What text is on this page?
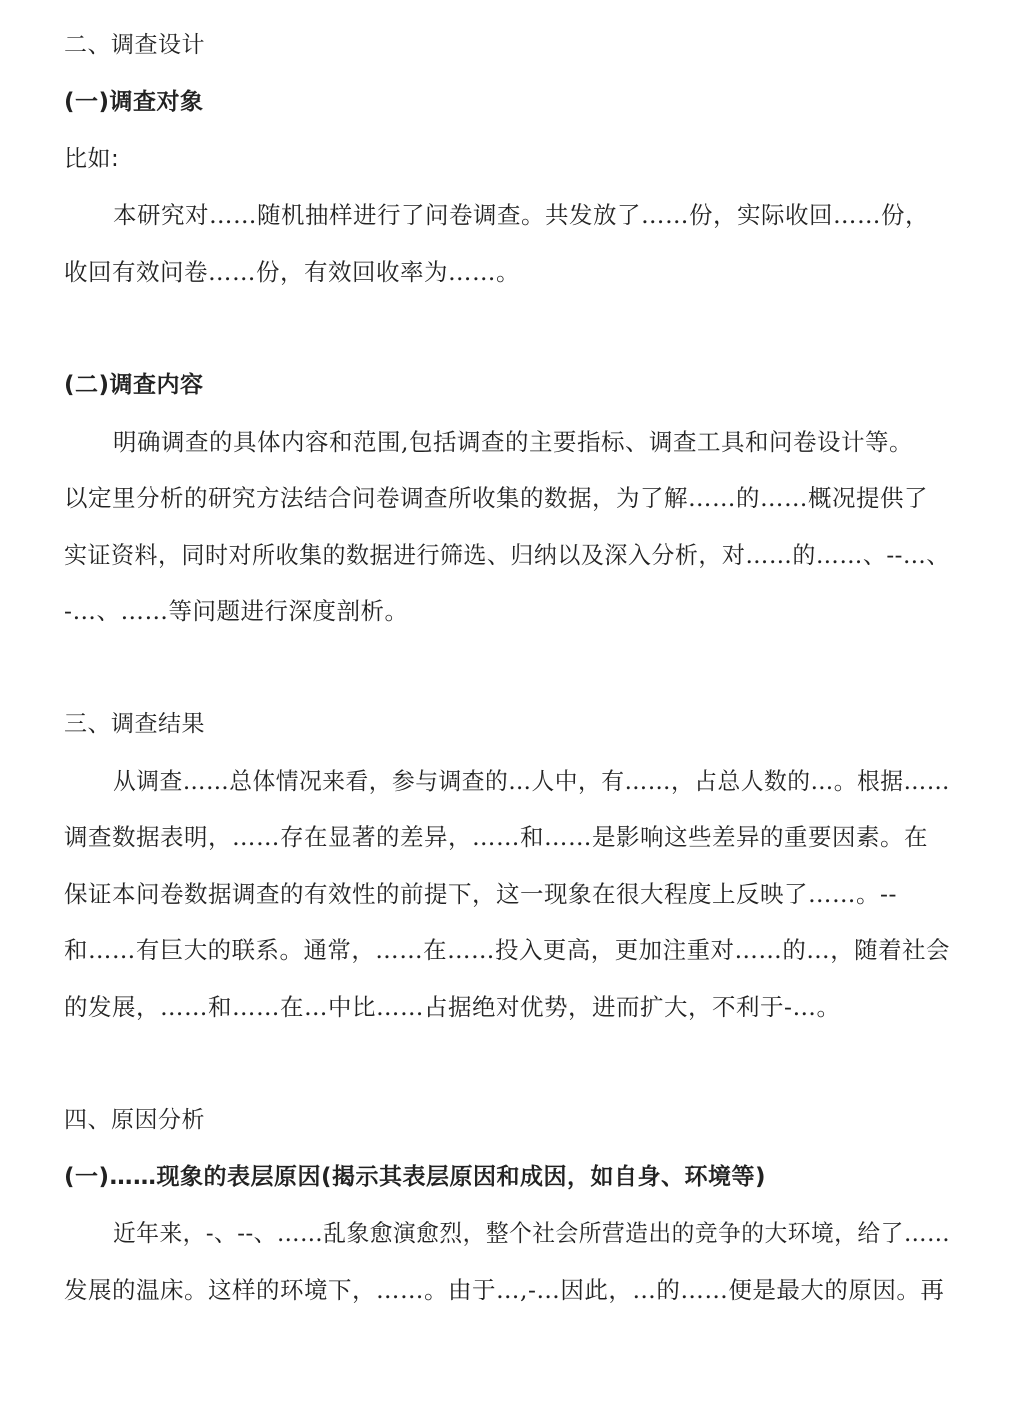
二、调查设计
(一)调查对象
比如:
本研究对……随机抽样进行了问卷调查。共发放了……份，实际收回……份，
收回有效问卷……份，有效回收率为……。
(二)调查内容
明确调查的具体内容和范围,包括调查的主要指标、调查工具和问卷设计等。
以定里分析的研究方法结合问卷调查所收集的数据，为了解……的……概况提供了
实证资料，同时对所收集的数据进行筛选、归纳以及深入分析，对……的……、--…、
-…、……等问题进行深度剖析。
三、调查结果
从调查……总体情况来看，参与调查的…人中，有……，占总人数的…。根据……
调查数据表明，……存在显著的差异，……和……是影响这些差异的重要因素。在
保证本问卷数据调查的有效性的前提下，这一现象在很大程度上反映了……。--
和……有巨大的联系。通常，……在……投入更高，更加注重对……的…，随着社会
的发展，……和……在…中比……占据绝对优势，进而扩大，不利于-…。
四、原因分析
(一)……现象的表层原因(揭示其表层原因和成因，如自身、环境等)
近年来，-、--、……乱象愈演愈烈，整个社会所营造出的竞争的大环境，给了……
发展的温床。这样的环境下，……。由于…,-…因此，…的……便是最大的原因。再
